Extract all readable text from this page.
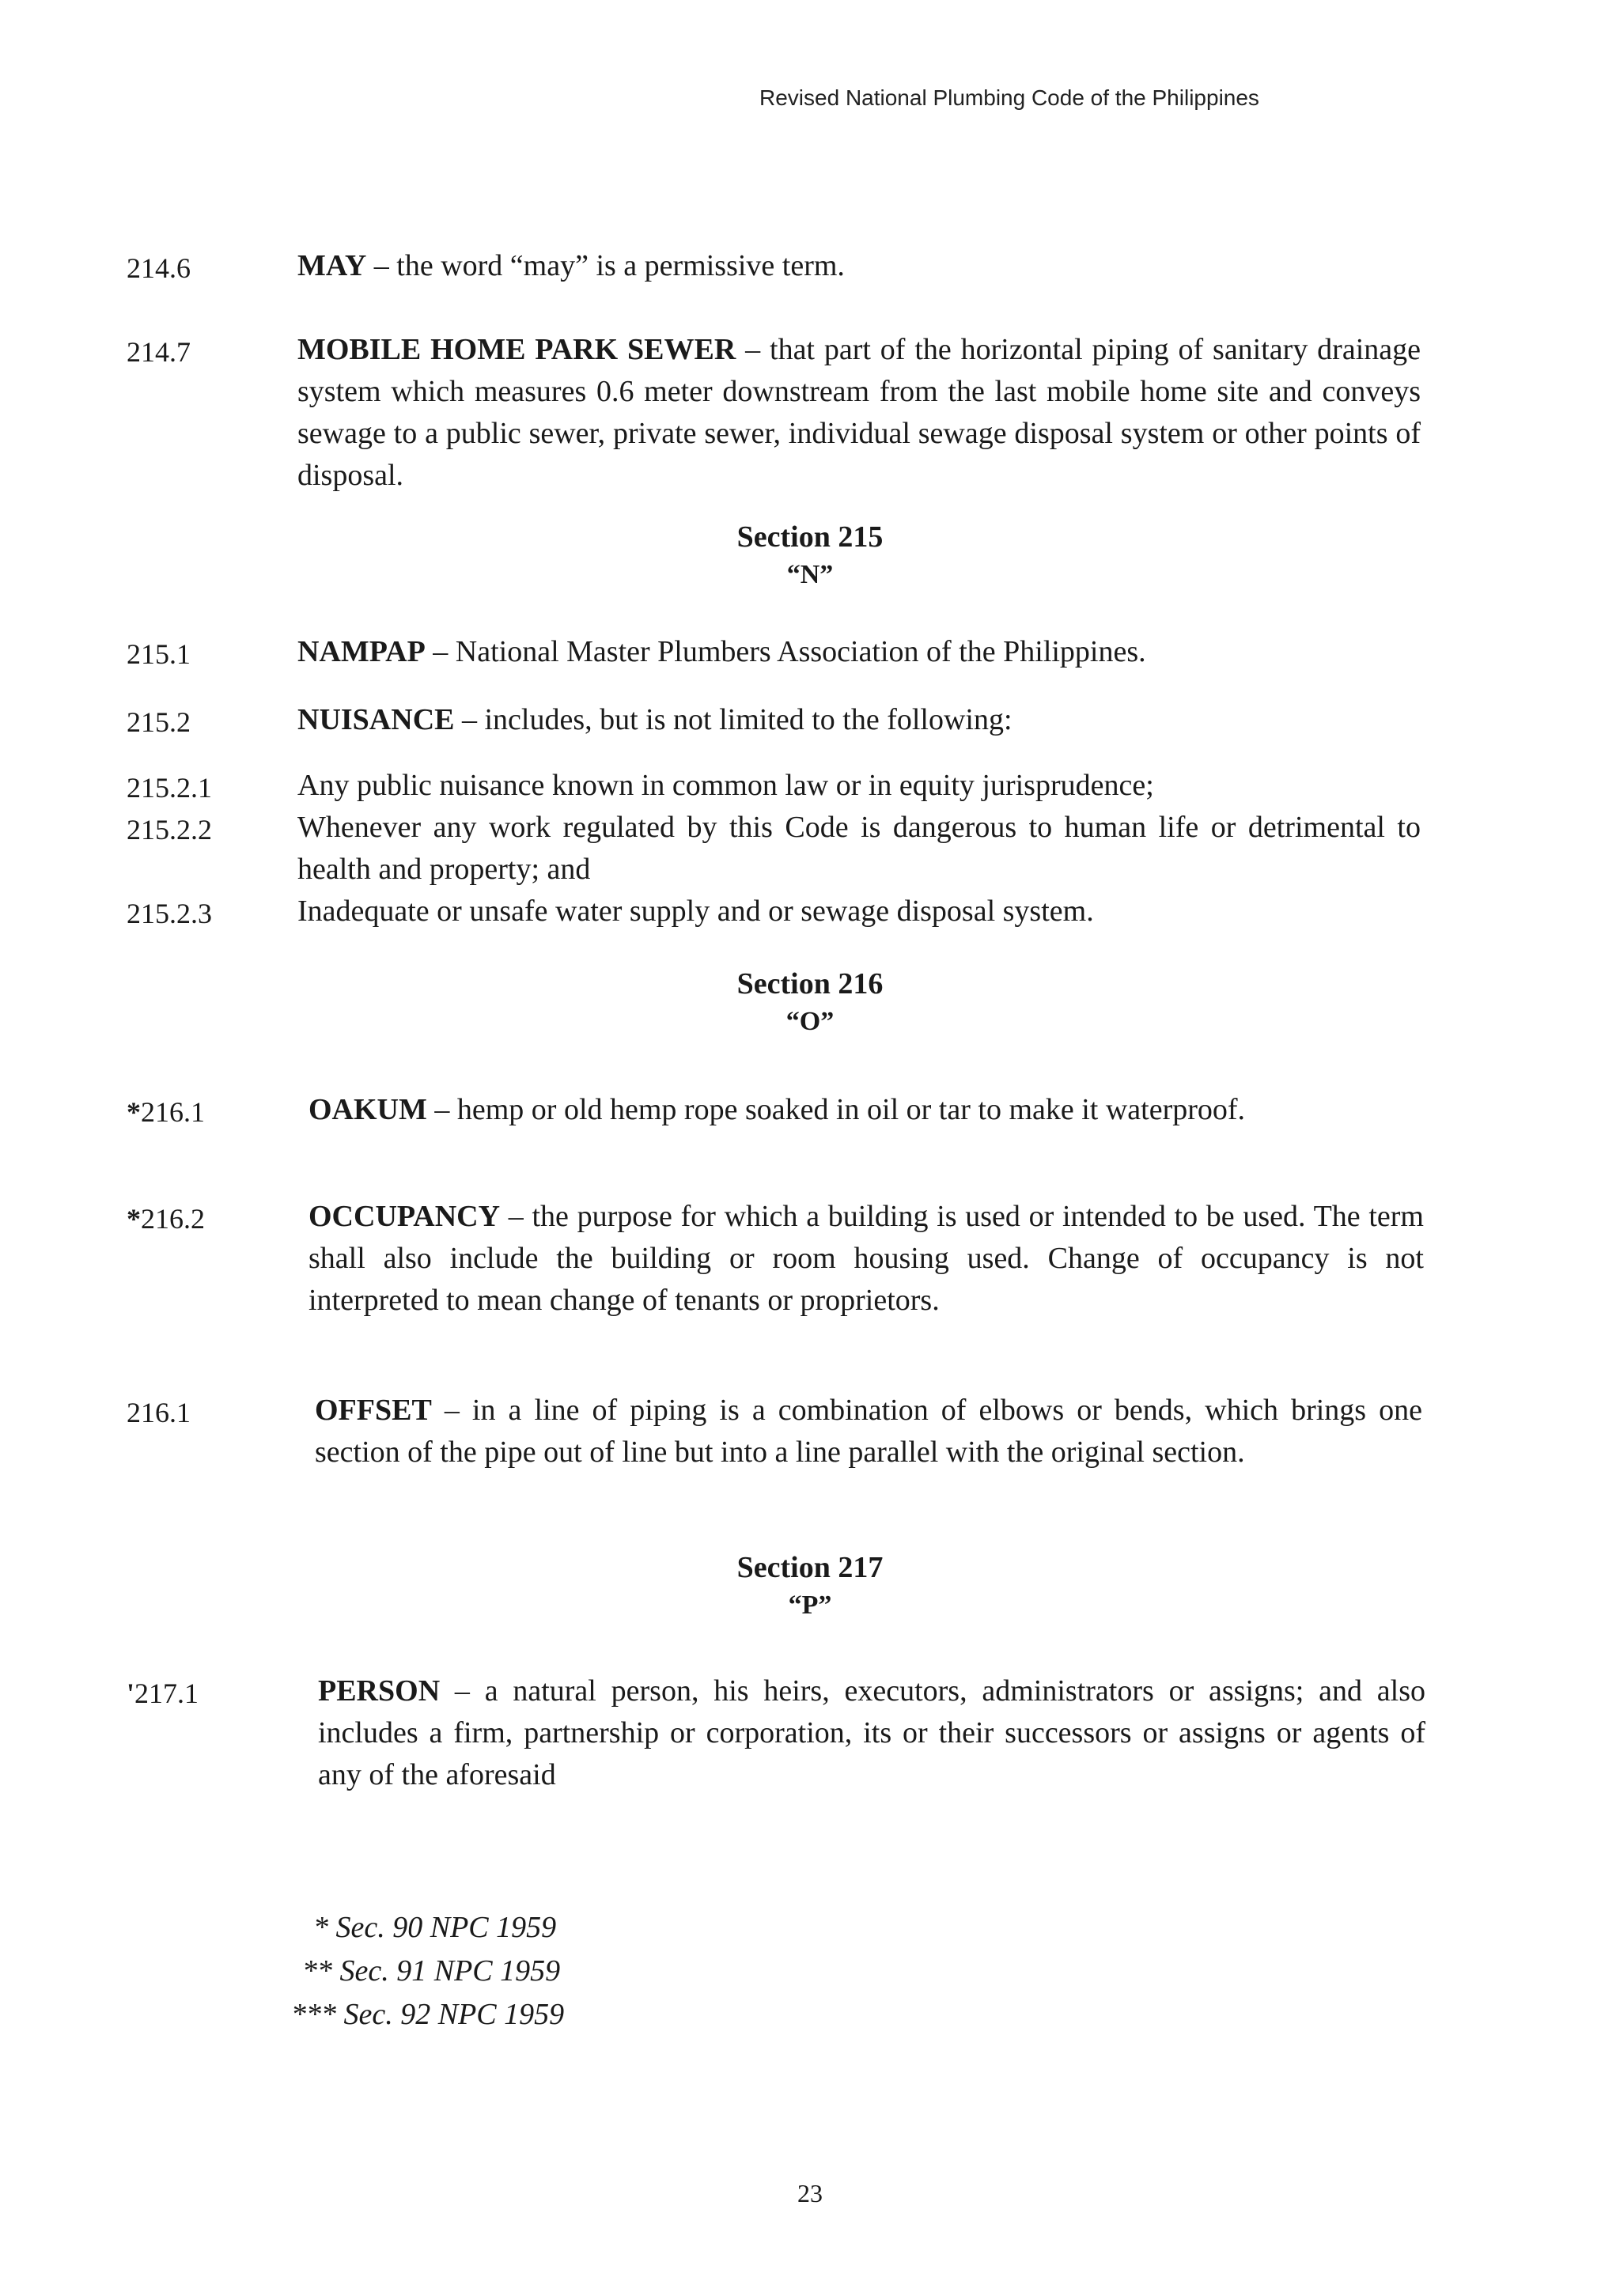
Revised National Plumbing Code of the Philippines
214.6	MAY – the word “may” is a permissive term.
214.7	MOBILE HOME PARK SEWER – that part of the horizontal piping of sanitary drainage system which measures 0.6 meter downstream from the last mobile home site and conveys sewage to a public sewer, private sewer, individual sewage disposal system or other points of disposal.
Section 215
“N”
215.1	NAMPAP – National Master Plumbers Association of the Philippines.
215.2	NUISANCE – includes, but is not limited to the following:
215.2.1	Any public nuisance known in common law or in equity jurisprudence;
215.2.2	Whenever any work regulated by this Code is dangerous to human life or detrimental to health and property; and
215.2.3	Inadequate or unsafe water supply and or sewage disposal system.
Section 216
“O”
*216.1	OAKUM – hemp or old hemp rope soaked in oil or tar to make it waterproof.
*216.2	OCCUPANCY – the purpose for which a building is used or intended to be used. The term shall also include the building or room housing used. Change of occupancy is not interpreted to mean change of tenants or proprietors.
216.1	OFFSET – in a line of piping is a combination of elbows or bends, which brings one section of the pipe out of line but into a line parallel with the original section.
Section 217
“P”
'217.1	PERSON – a natural person, his heirs, executors, administrators or assigns; and also includes a firm, partnership or corporation, its or their successors or assigns or agents of any of the aforesaid
* Sec. 90 NPC 1959
** Sec. 91 NPC 1959
*** Sec. 92 NPC 1959
23
